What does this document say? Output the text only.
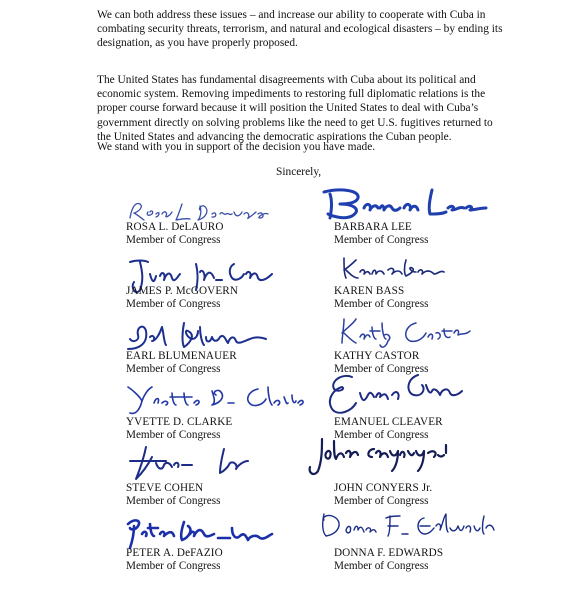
We can both address these issues – and increase our ability to cooperate with Cuba in combating security threats, terrorism, and natural and ecological disasters – by ending its designation, as you have properly proposed.

The United States has fundamental disagreements with Cuba about its political and economic system. Removing impediments to restoring full diplomatic relations is the proper course forward because it will position the United States to deal with Cuba’s government directly on solving problems like the need to get U.S. fugitives returned to the United States and advancing the democratic aspirations the Cuban people.

We stand with you in support of the decision you have made.

Sincerely,
ROSA L. DeLAURO
Member of Congress
JAMES P. McGOVERN
Member of Congress
EARL BLUMENAUER
Member of Congress
YVETTE D. CLARKE
Member of Congress
STEVE COHEN
Member of Congress
PETER A. DeFAZIO
Member of Congress
BARBARA LEE
Member of Congress
KAREN BASS
Member of Congress
KATHY CASTOR
Member of Congress
EMANUEL CLEAVER
Member of Congress
JOHN CONYERS Jr.
Member of Congress
DONNA F. EDWARDS
Member of Congress
